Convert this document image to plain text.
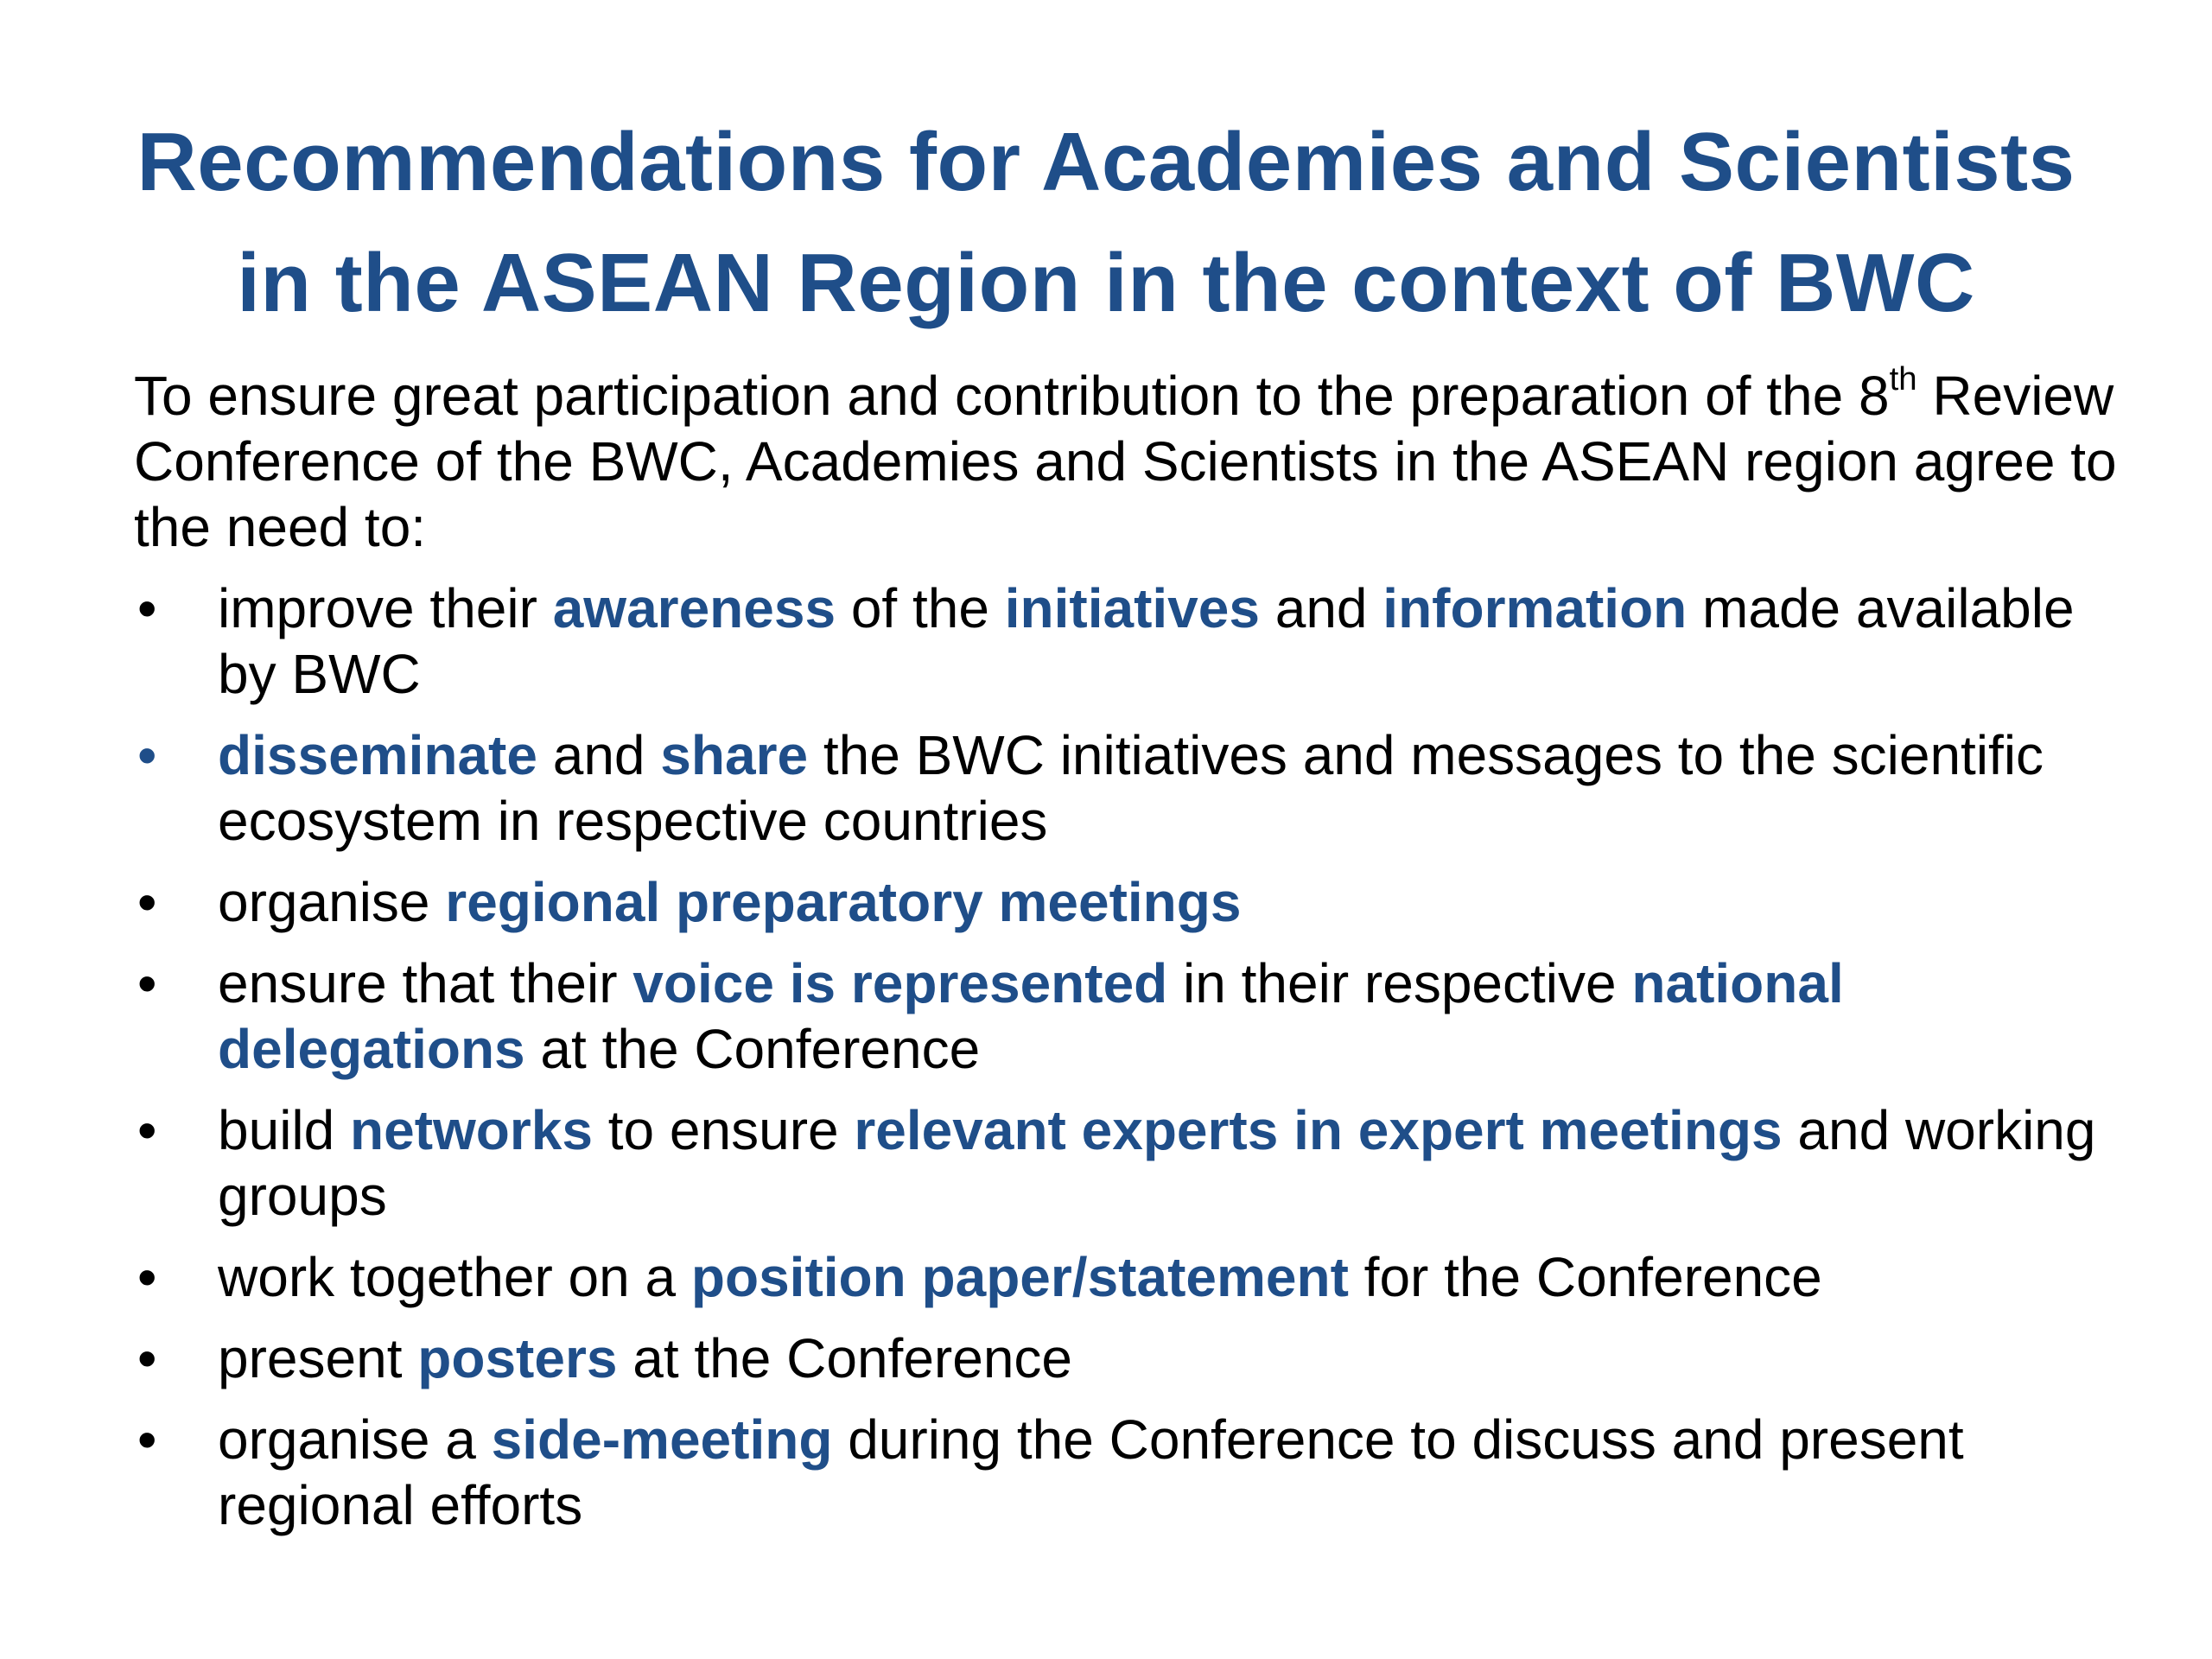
Recommendations for Academies and Scientists
in the ASEAN Region in the context of BWC

To ensure great participation and contribution to the preparation of the 8th Review Conference of the BWC, Academies and Scientists in the ASEAN region agree to the need to:

• improve their awareness of the initiatives and information made available by BWC
• disseminate and share the BWC initiatives and messages to the scientific ecosystem in respective countries
• organise regional preparatory meetings
• ensure that their voice is represented in their respective national delegations at the Conference
• build networks to ensure relevant experts in expert meetings and working groups
• work together on a position paper/statement for the Conference
• present posters at the Conference
• organise a side-meeting during the Conference to discuss and present regional efforts
